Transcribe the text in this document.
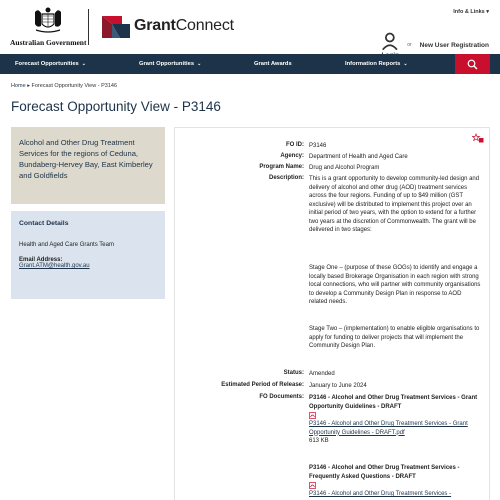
Australian Government
GrantConnect
Info & Links ▾
or New User Registration
Forecast Opportunities ⌄	Grant Opportunities ⌄	Grant Awards	Information Reports ⌄
Home ▸ Forecast Opportunity View - P3146
Forecast Opportunity View - P3146

Alcohol and Other Drug Treatment Services for the regions of Ceduna, Bundaberg-Hervey Bay, East Kimberley and Goldfields

Contact Details
Health and Aged Care Grants Team
Email Address:
Grant.ATM@health.gov.au
FO ID: P3146
Agency: Department of Health and Aged Care
Program Name: Drug and Alcohol Program
Description: This is a grant opportunity to develop community-led design and delivery of alcohol and other drug (AOD) treatment services across the four regions. Funding of up to $49 million (GST exclusive) will be distributed to implement this project over an initial period of two years, with the option to extend for a further two years at the discretion of Commonwealth. The grant will be delivered in two stages:
Stage One – (purpose of these GOGs) to identify and engage a locally based Brokerage Organisation in each region with strong local connections, who will partner with community organisations to develop a Community Design Plan in response to AOD related needs.
Stage Two – (implementation) to enable eligible organisations to apply for funding to deliver projects that will implement the Community Design Plan.
Status: Amended
Estimated Period of Release: January to June 2024
FO Documents: P3146 - Alcohol and Other Drug Treatment Services - Grant Opportunity Guidelines - DRAFT
P3146 - Alcohol and Other Drug Treatment Services - Grant Opportunity Guidelines - DRAFT.pdf
613 KB
P3146 - Alcohol and Other Drug Treatment Services - Frequently Asked Questions - DRAFT
P3146 - Alcohol and Other Drug Treatment Services -
